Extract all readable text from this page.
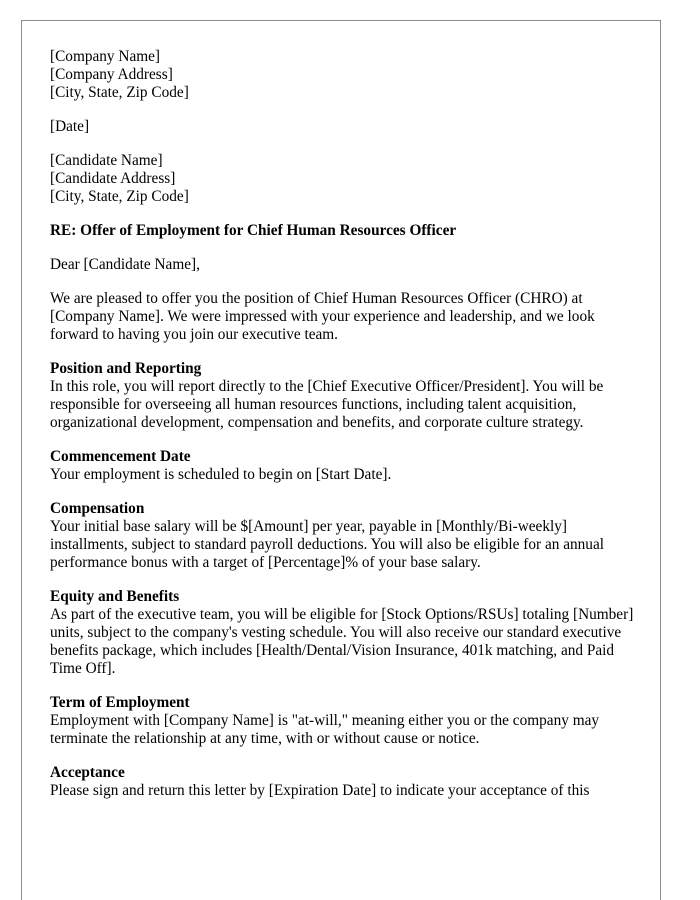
[Company Name]
[Company Address]
[City, State, Zip Code]
[Date]
[Candidate Name]
[Candidate Address]
[City, State, Zip Code]
RE: Offer of Employment for Chief Human Resources Officer
Dear [Candidate Name],

We are pleased to offer you the position of Chief Human Resources Officer (CHRO) at [Company Name]. We were impressed with your experience and leadership, and we look forward to having you join our executive team.

Position and Reporting

In this role, you will report directly to the [Chief Executive Officer/President]. You will be responsible for overseeing all human resources functions, including talent acquisition, organizational development, compensation and benefits, and corporate culture strategy.

Commencement Date

Your employment is scheduled to begin on [Start Date].

Compensation

Your initial base salary will be $[Amount] per year, payable in [Monthly/Bi-weekly] installments, subject to standard payroll deductions. You will also be eligible for an annual performance bonus with a target of [Percentage]% of your base salary.

Equity and Benefits

As part of the executive team, you will be eligible for [Stock Options/RSUs] totaling [Number] units, subject to the company's vesting schedule. You will also receive our standard executive benefits package, which includes [Health/Dental/Vision Insurance, 401k matching, and Paid Time Off].

Term of Employment

Employment with [Company Name] is "at-will," meaning either you or the company may terminate the relationship at any time, with or without cause or notice.

Acceptance

Please sign and return this letter by [Expiration Date] to indicate your acceptance of this
